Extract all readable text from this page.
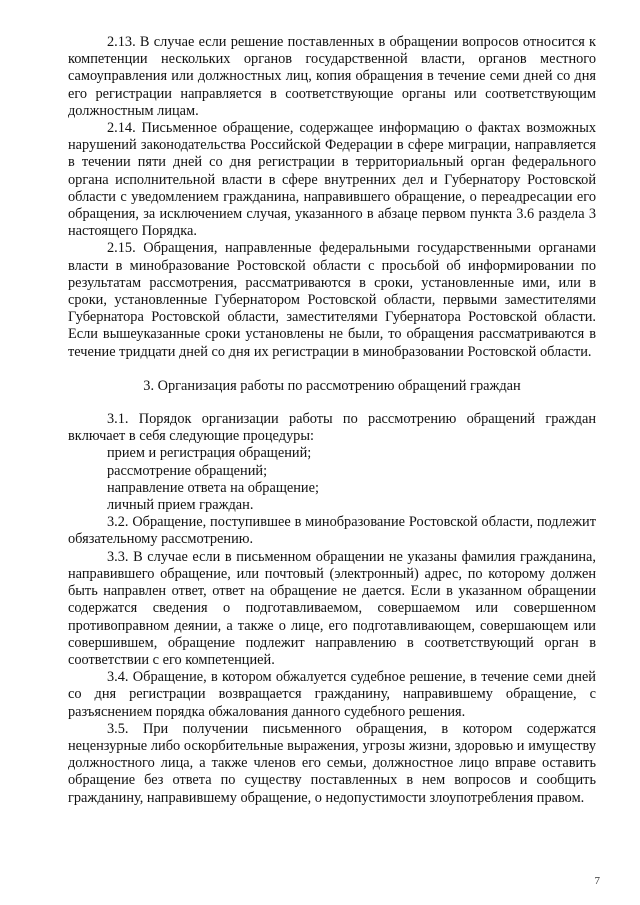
2.13. В случае если решение поставленных в обращении вопросов относится к компетенции нескольких органов государственной власти, органов местного самоуправления или должностных лиц, копия обращения в течение семи дней со дня его регистрации направляется в соответствующие органы или соответствующим должностным лицам.

2.14. Письменное обращение, содержащее информацию о фактах возможных нарушений законодательства Российской Федерации в сфере миграции, направляется в течении пяти дней со дня регистрации в территориальный орган федерального органа исполнительной власти в сфере внутренних дел и Губернатору Ростовской области с уведомлением гражданина, направившего обращение, о переадресации его обращения, за исключением случая, указанного в абзаце первом пункта 3.6 раздела 3 настоящего Порядка.

2.15. Обращения, направленные федеральными государственными органами власти в минобразование Ростовской области с просьбой об информировании по результатам рассмотрения, рассматриваются в сроки, установленные ими, или в сроки, установленные Губернатором Ростовской области, первыми заместителями Губернатора Ростовской области, заместителями Губернатора Ростовской области. Если вышеуказанные сроки установлены не были, то обращения рассматриваются в течение тридцати дней со дня их регистрации в минобразовании Ростовской области.

3. Организация работы по рассмотрению обращений граждан

3.1. Порядок организации работы по рассмотрению обращений граждан включает в себя следующие процедуры:

прием и регистрация обращений;
рассмотрение обращений;
направление ответа на обращение;
личный прием граждан.

3.2. Обращение, поступившее в минобразование Ростовской области, подлежит обязательному рассмотрению.

3.3. В случае если в письменном обращении не указаны фамилия гражданина, направившего обращение, или почтовый (электронный) адрес, по которому должен быть направлен ответ, ответ на обращение не дается. Если в указанном обращении содержатся сведения о подготавливаемом, совершаемом или совершенном противоправном деянии, а также о лице, его подготавливающем, совершающем или совершившем, обращение подлежит направлению в соответствующий орган в соответствии с его компетенцией.

3.4. Обращение, в котором обжалуется судебное решение, в течение семи дней со дня регистрации возвращается гражданину, направившему обращение, с разъяснением порядка обжалования данного судебного решения.

3.5. При получении письменного обращения, в котором содержатся нецензурные либо оскорбительные выражения, угрозы жизни, здоровью и имуществу должностного лица, а также членов его семьи, должностное лицо вправе оставить обращение без ответа по существу поставленных в нем вопросов и сообщить гражданину, направившему обращение, о недопустимости злоупотребления правом.

7
